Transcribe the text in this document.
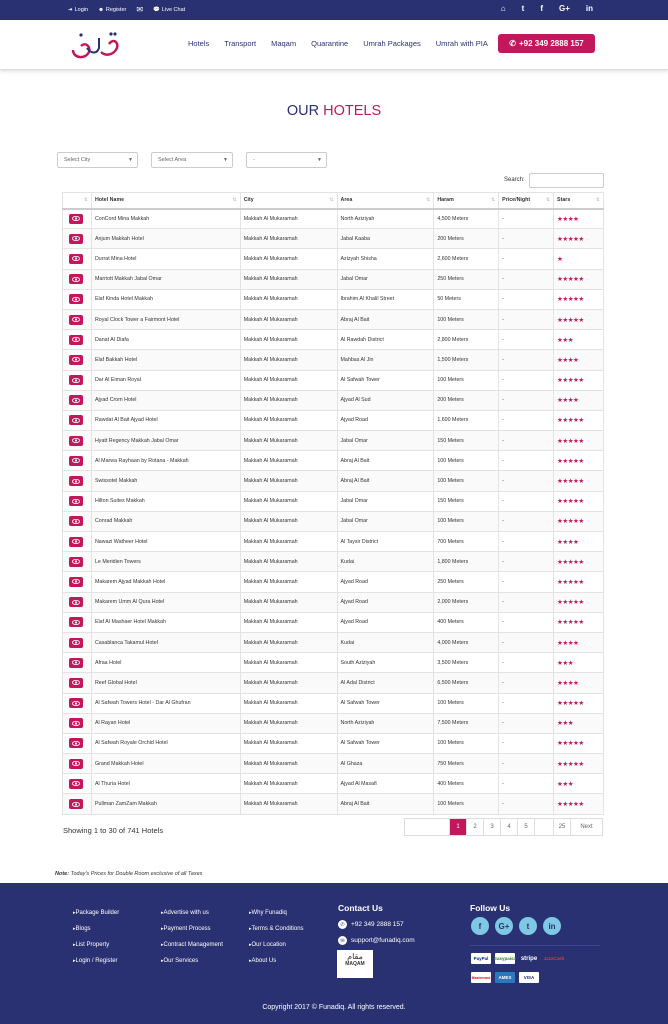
➜ Login ☻ Register ✉ 💬 Live Chat	⌂ t f G+ in
Hotels Transport Maqam Quarantine Umrah Packages Umrah with PIA	✆ +92 349 2888 157
OUR HOTELS
Select City	▼	Select Area	▼	-	▼
Search:
⇅	Hotel Name ⇅	City ⇅	Area ⇅	Haram ⇅	Price/Night ⇅	Stars ⇅

	ConCord Mina Makkah	Makkah Al Mukaramah	North Aziziyah	4,500 Meters	-	★★★★

	Anjum Makkah Hotel	Makkah Al Mukaramah	Jabal Kaaba	200 Meters	-	★★★★★

	Durrat Mina Hotel	Makkah Al Mukaramah	Azizyah Shisha	2,600 Meters	-	★

	Marriott Makkah Jabal Omar	Makkah Al Mukaramah	Jabal Omar	250 Meters	-	★★★★★

	Elaf Kinda Hotel Makkah	Makkah Al Mukaramah	Ibrahim Al Khalil Street	50 Meters	-	★★★★★

	Royal Clock Tower a Fairmont Hotel	Makkah Al Mukaramah	Abraj Al Bait	100 Meters	-	★★★★★

	Danat Al Diafa	Makkah Al Mukaramah	Al Rawdah District	2,800 Meters	-	★★★

	Elaf Bakkah Hotel	Makkah Al Mukaramah	Mahbas Al Jin	1,500 Meters	-	★★★★

	Dar Al Eiman Royal	Makkah Al Mukaramah	Al Safwah Tower	100 Meters	-	★★★★★

	Ajyad Crom Hotel	Makkah Al Mukaramah	Ajyad Al Sud	200 Meters	-	★★★★

	Rawdat Al Bait Ajyad Hotel	Makkah Al Mukaramah	Ajyad Road	1,600 Meters	-	★★★★★

	Hyatt Regency Makkah Jabal Omar	Makkah Al Mukaramah	Jabal Omar	150 Meters	-	★★★★★

	Al Marwa Rayhaan by Rotana - Makkah	Makkah Al Mukaramah	Abraj Al Bait	100 Meters	-	★★★★★

	Swissotel Makkah	Makkah Al Mukaramah	Abraj Al Bait	100 Meters	-	★★★★★

	Hilton Suites Makkah	Makkah Al Mukaramah	Jabal Omar	150 Meters	-	★★★★★

	Conrad Makkah	Makkah Al Mukaramah	Jabal Omar	100 Meters	-	★★★★★

	Nawazi Watheer Hotel	Makkah Al Mukaramah	Al Taysir District	700 Meters	-	★★★★

	Le Meridien Towers	Makkah Al Mukaramah	Kudai	1,800 Meters	-	★★★★★

	Makarem Ajyad Makkah Hotel	Makkah Al Mukaramah	Ajyad Road	250 Meters	-	★★★★★

	Makarem Umm Al Qura Hotel	Makkah Al Mukaramah	Ajyad Road	2,000 Meters	-	★★★★★

	Elaf Al Mashaer Hotel Makkah	Makkah Al Mukaramah	Ajyad Road	400 Meters	-	★★★★★

	Casablanca Takamul Hotel	Makkah Al Mukaramah	Kudai	4,000 Meters	-	★★★★

	Afraa Hotel	Makkah Al Mukaramah	South Aziziyah	3,500 Meters	-	★★★

	Reef Global Hotel	Makkah Al Mukaramah	Al Adal District	6,500 Meters	-	★★★★

	Al Safwah Towers Hotel - Dar Al Ghufran	Makkah Al Mukaramah	Al Safwah Tower	100 Meters	-	★★★★★

	Al Rayan Hotel	Makkah Al Mukaramah	North Aziziyah	7,500 Meters	-	★★★

	Al Safwah Royale Orchid Hotel	Makkah Al Mukaramah	Al Safwah Tower	100 Meters	-	★★★★★

	Grand Makkah Hotel	Makkah Al Mukaramah	Al Ghaza	750 Meters	-	★★★★★

	Al Thuria Hotel	Makkah Al Mukaramah	Ajyad Al Masafi	400 Meters	-	★★★

	Pullman ZamZam Makkah	Makkah Al Mukaramah	Abraj Al Bait	100 Meters	-	★★★★★
Showing 1 to 30 of 741 Hotels	1	2	3	4	5	25	Next
Note: Today's Prices for Double Room exclusive of all Taxes
▸ Package Builder
▸ Blogs
▸ List Property
▸ Login / Register
▸ Advertise with us
▸ Payment Process
▸ Contract Management
▸ Our Services
▸ Why Funadiq
▸ Terms & Conditions
▸ Our Location
▸ About Us
Contact Us
✆ +92 349 2888 157
✉ support@funadiq.com
مقام
MAQAM
Follow Us
f	G+	t	in
PayPal	Easypaisa stripe	JazzCash
Mastercard	AMEX	VISA
Copyright 2017 © Funadiq. All rights reserved.
